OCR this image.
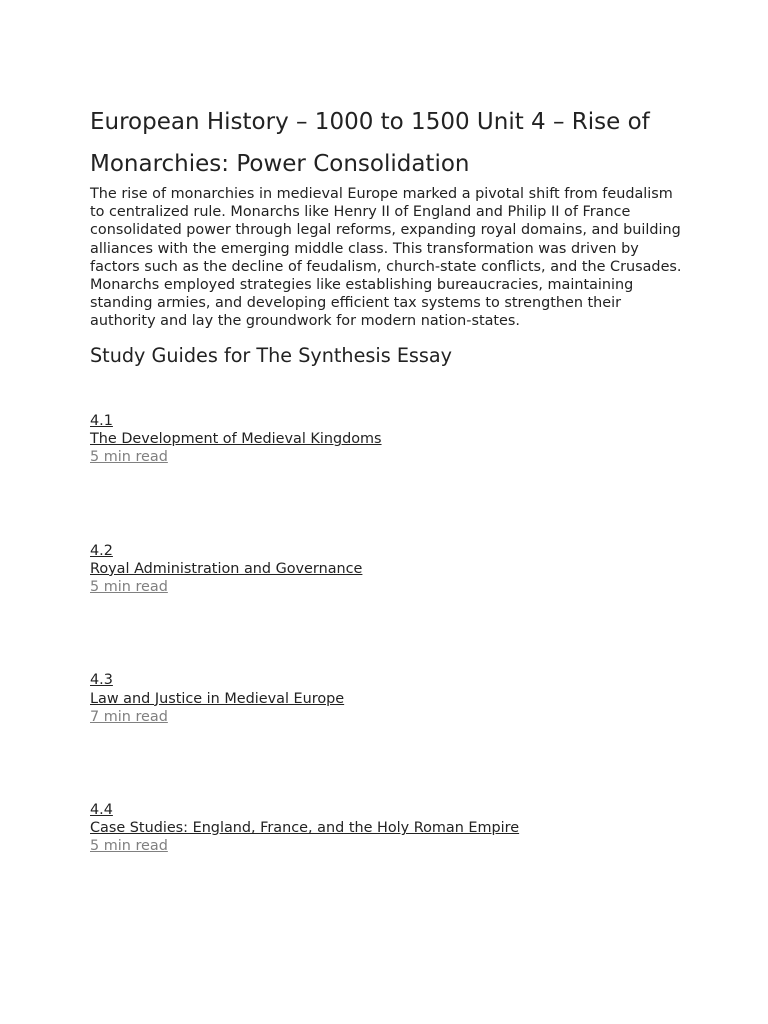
European History – 1000 to 1500 Unit 4 – Rise of Monarchies: Power Consolidation

The rise of monarchies in medieval Europe marked a pivotal shift from feudalism to centralized rule. Monarchs like Henry II of England and Philip II of France consolidated power through legal reforms, expanding royal domains, and building alliances with the emerging middle class. This transformation was driven by factors such as the decline of feudalism, church-state conflicts, and the Crusades. Monarchs employed strategies like establishing bureaucracies, maintaining standing armies, and developing efficient tax systems to strengthen their authority and lay the groundwork for modern nation-states.

Study Guides for The Synthesis Essay
4.1
The Development of Medieval Kingdoms
5 min read
4.2
Royal Administration and Governance
5 min read
4.3
Law and Justice in Medieval Europe
7 min read
4.4
Case Studies: England, France, and the Holy Roman Empire
5 min read
